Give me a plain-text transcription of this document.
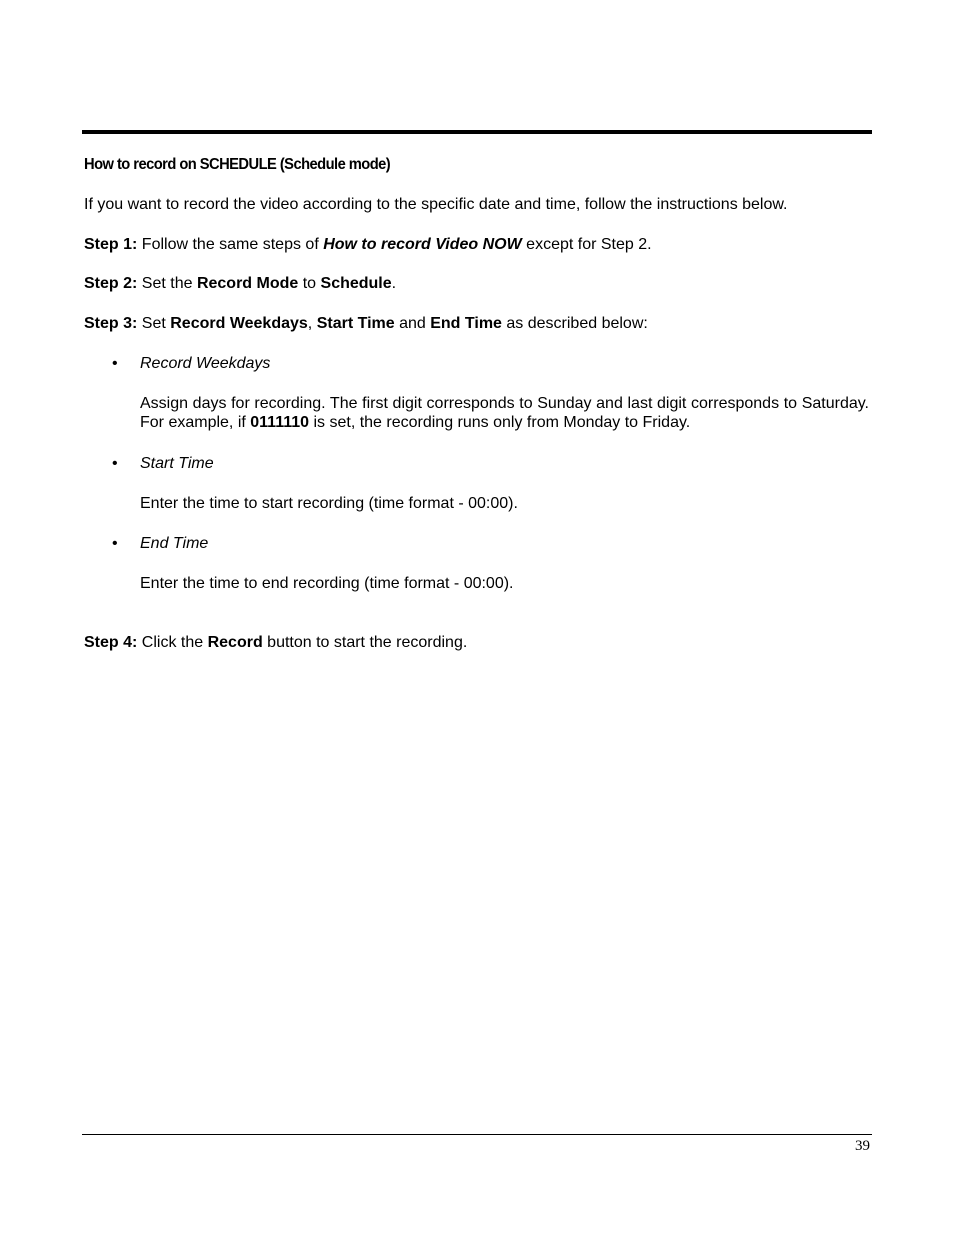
How to record on SCHEDULE (Schedule mode)
If you want to record the video according to the specific date and time, follow the instructions below.
Step 1: Follow the same steps of How to record Video NOW except for Step 2.
Step 2: Set the Record Mode to Schedule.
Step 3: Set Record Weekdays, Start Time and End Time as described below:
• Record Weekdays
Assign days for recording. The first digit corresponds to Sunday and last digit corresponds to Saturday. For example, if 0111110 is set, the recording runs only from Monday to Friday.
• Start Time
Enter the time to start recording (time format - 00:00).
• End Time
Enter the time to end recording (time format - 00:00).
Step 4: Click the Record button to start the recording.
39
